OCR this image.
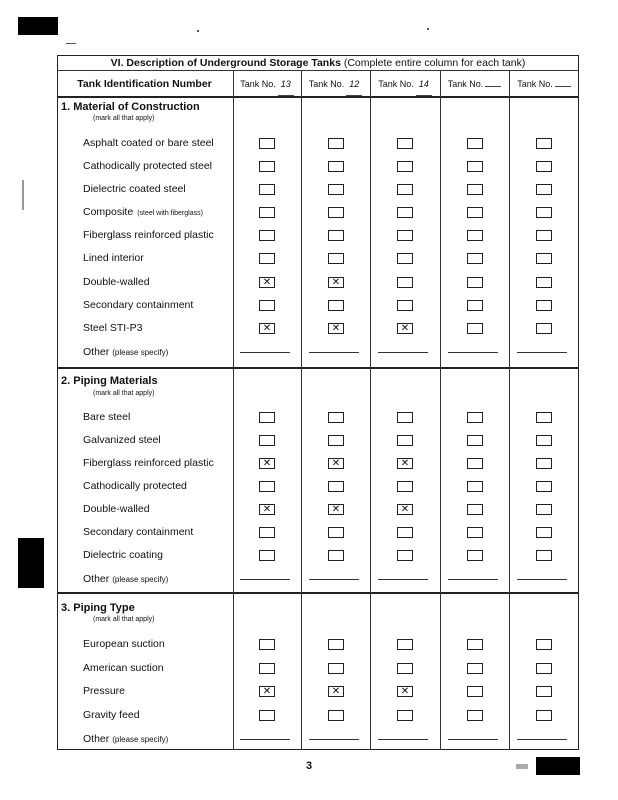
VI. Description of Underground Storage Tanks (Complete entire column for each tank)
Tank Identification Number	Tank No. 13	Tank No. 12	Tank No. 14	Tank No.	Tank No.
1. Material of Construction
(mark all that apply)
Asphalt coated or bare steel
Cathodically protected steel
Dielectric coated steel
Composite (steel with fiberglass)
Fiberglass reinforced plastic
Lined interior
Double-walled	✕	✕
Secondary containment
Steel STI-P3	✕	✕	✕
Other (please specify)
2. Piping Materials
(mark all that apply)
Bare steel
Galvanized steel
Fiberglass reinforced plastic	✕	✕	✕
Cathodically protected
Double-walled	✕	✕	✕
Secondary containment
Dielectric coating
Other (please specify)
3. Piping Type
(mark all that apply)
European suction
American suction
Pressure	✕	✕	✕
Gravity feed
Other (please specify)
3
